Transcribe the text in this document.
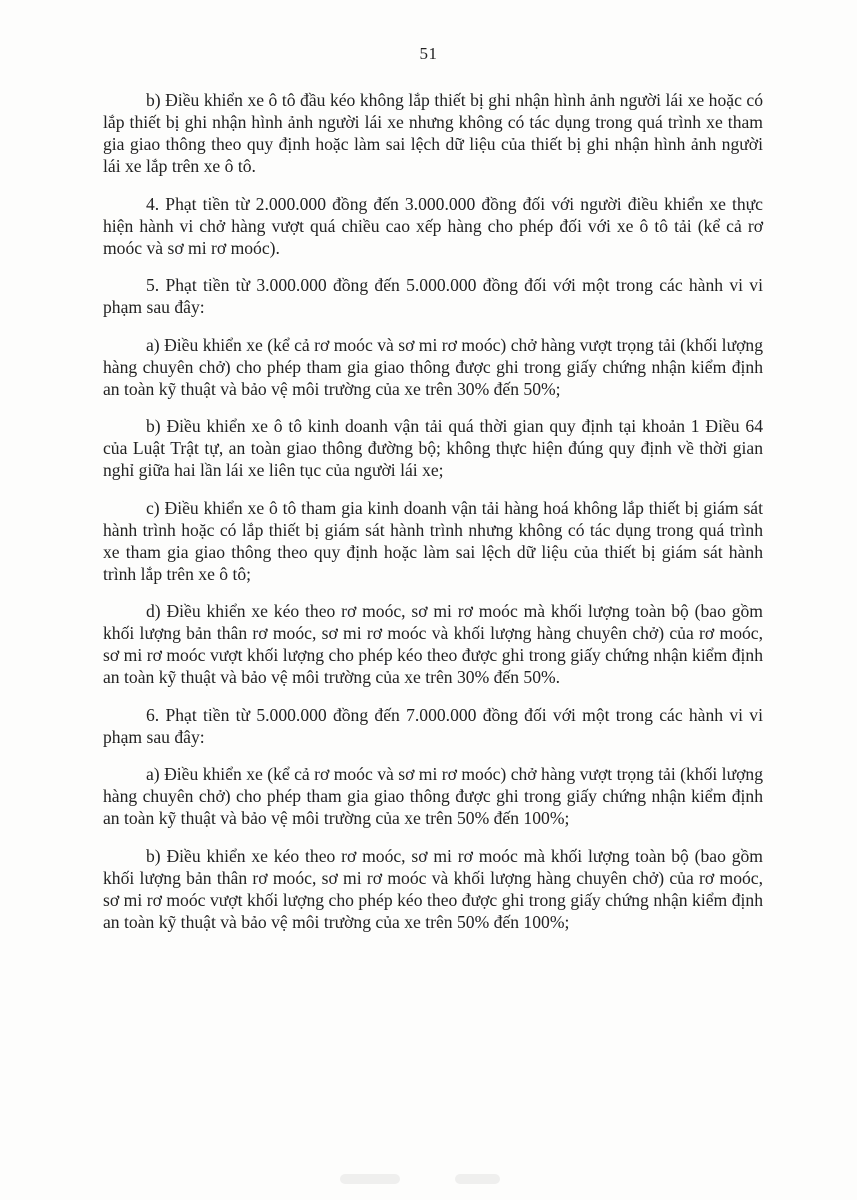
51

b) Điều khiển xe ô tô đầu kéo không lắp thiết bị ghi nhận hình ảnh người lái xe hoặc có lắp thiết bị ghi nhận hình ảnh người lái xe nhưng không có tác dụng trong quá trình xe tham gia giao thông theo quy định hoặc làm sai lệch dữ liệu của thiết bị ghi nhận hình ảnh người lái xe lắp trên xe ô tô.

4. Phạt tiền từ 2.000.000 đồng đến 3.000.000 đồng đối với người điều khiển xe thực hiện hành vi chở hàng vượt quá chiều cao xếp hàng cho phép đối với xe ô tô tải (kể cả rơ moóc và sơ mi rơ moóc).

5. Phạt tiền từ 3.000.000 đồng đến 5.000.000 đồng đối với một trong các hành vi vi phạm sau đây:

a) Điều khiển xe (kể cả rơ moóc và sơ mi rơ moóc) chở hàng vượt trọng tải (khối lượng hàng chuyên chở) cho phép tham gia giao thông được ghi trong giấy chứng nhận kiểm định an toàn kỹ thuật và bảo vệ môi trường của xe trên 30% đến 50%;

b) Điều khiển xe ô tô kinh doanh vận tải quá thời gian quy định tại khoản 1 Điều 64 của Luật Trật tự, an toàn giao thông đường bộ; không thực hiện đúng quy định về thời gian nghỉ giữa hai lần lái xe liên tục của người lái xe;

c) Điều khiển xe ô tô tham gia kinh doanh vận tải hàng hoá không lắp thiết bị giám sát hành trình hoặc có lắp thiết bị giám sát hành trình nhưng không có tác dụng trong quá trình xe tham gia giao thông theo quy định hoặc làm sai lệch dữ liệu của thiết bị giám sát hành trình lắp trên xe ô tô;

d) Điều khiển xe kéo theo rơ moóc, sơ mi rơ moóc mà khối lượng toàn bộ (bao gồm khối lượng bản thân rơ moóc, sơ mi rơ moóc và khối lượng hàng chuyên chở) của rơ moóc, sơ mi rơ moóc vượt khối lượng cho phép kéo theo được ghi trong giấy chứng nhận kiểm định an toàn kỹ thuật và bảo vệ môi trường của xe trên 30% đến 50%.

6. Phạt tiền từ 5.000.000 đồng đến 7.000.000 đồng đối với một trong các hành vi vi phạm sau đây:

a) Điều khiển xe (kể cả rơ moóc và sơ mi rơ moóc) chở hàng vượt trọng tải (khối lượng hàng chuyên chở) cho phép tham gia giao thông được ghi trong giấy chứng nhận kiểm định an toàn kỹ thuật và bảo vệ môi trường của xe trên 50% đến 100%;

b) Điều khiển xe kéo theo rơ moóc, sơ mi rơ moóc mà khối lượng toàn bộ (bao gồm khối lượng bản thân rơ moóc, sơ mi rơ moóc và khối lượng hàng chuyên chở) của rơ moóc, sơ mi rơ moóc vượt khối lượng cho phép kéo theo được ghi trong giấy chứng nhận kiểm định an toàn kỹ thuật và bảo vệ môi trường của xe trên 50% đến 100%;
